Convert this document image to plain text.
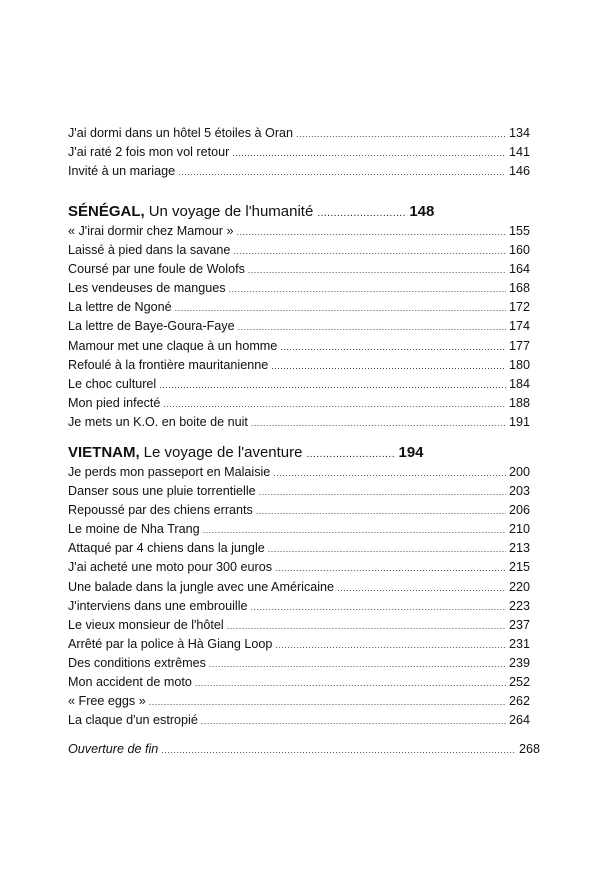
J'ai dormi dans un hôtel 5 étoiles à Oran .....	134
J'ai raté 2 fois mon vol retour .....	141
Invité à un mariage .....	146
SÉNÉGAL, Un voyage de l'humanité .....	148
« J'irai dormir chez Mamour » .....	155
Laissé à pied dans la savane .....	160
Coursé par une foule de Wolofs .....	164
Les vendeuses de mangues .....	168
La lettre de Ngoné .....	172
La lettre de Baye-Goura-Faye .....	174
Mamour met une claque à un homme .....	177
Refoulé à la frontière mauritanienne .....	180
Le choc culturel .....	184
Mon pied infecté .....	188
Je mets un K.O. en boite de nuit .....	191
VIETNAM, Le voyage de l'aventure .....	194
Je perds mon passeport en Malaisie .....	200
Danser sous une pluie torrentielle .....	203
Repoussé par des chiens errants .....	206
Le moine de Nha Trang .....	210
Attaqué par 4 chiens dans la jungle .....	213
J'ai acheté une moto pour 300 euros .....	215
Une balade dans la jungle avec une Américaine .....	220
J'interviens dans une embrouille .....	223
Le vieux monsieur de l'hôtel .....	237
Arrêté par la police à Hà Giang Loop .....	231
Des conditions extrêmes .....	239
Mon accident de moto .....	252
« Free eggs » .....	262
La claque d'un estropié .....	264
Ouverture de fin .....	268
